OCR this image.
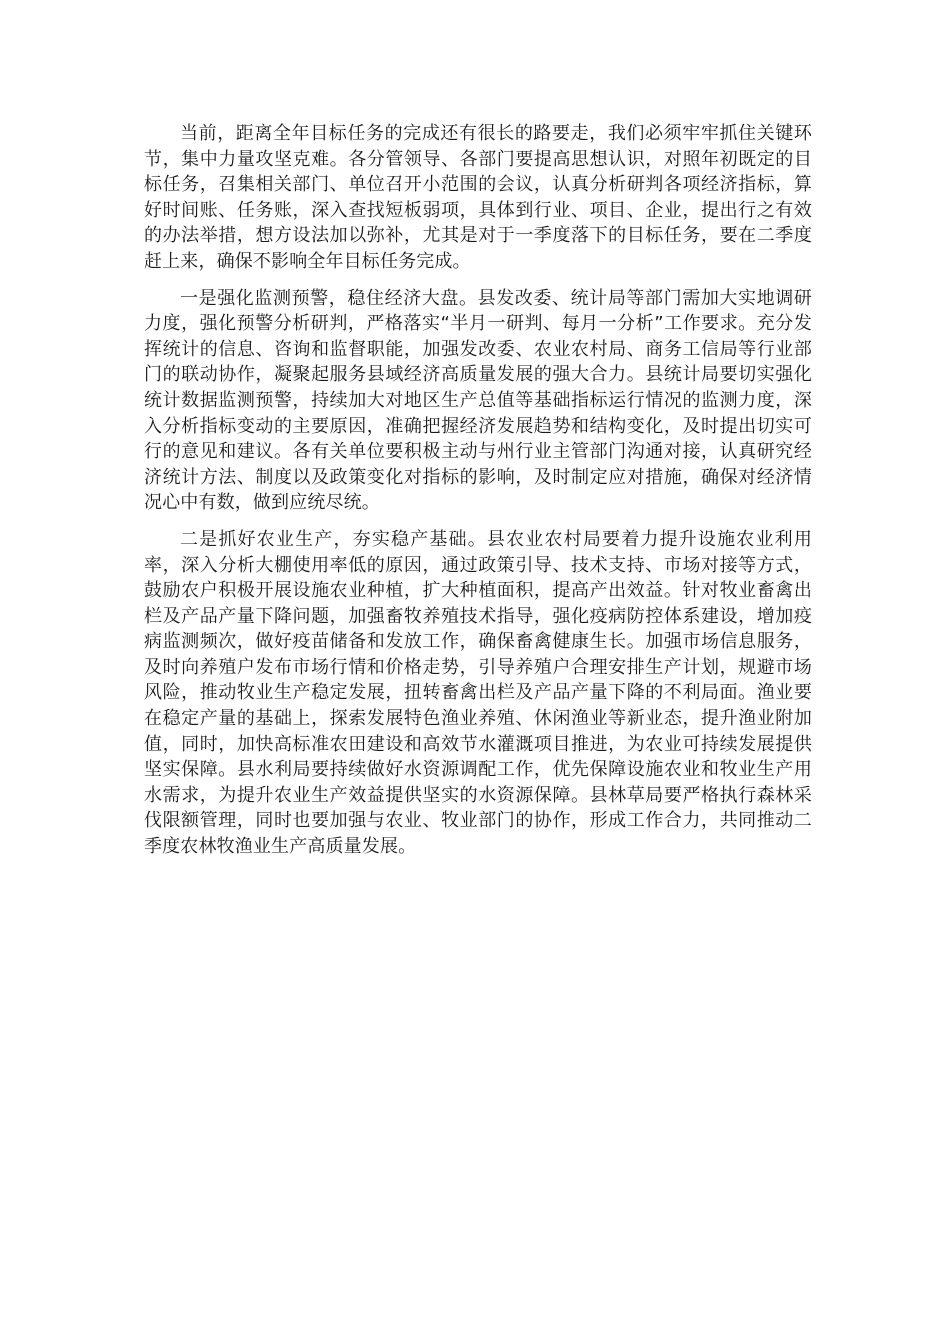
当前，距离全年目标任务的完成还有很长的路要走，我们必须牢牢抓住关键环节，集中力量攻坚克难。各分管领导、各部门要提高思想认识，对照年初既定的目标任务，召集相关部门、单位召开小范围的会议，认真分析研判各项经济指标，算好时间账、任务账，深入查找短板弱项，具体到行业、项目、企业，提出行之有效的办法举措，想方设法加以弥补，尤其是对于一季度落下的目标任务，要在二季度赶上来，确保不影响全年目标任务完成。

一是强化监测预警，稳住经济大盘。县发改委、统计局等部门需加大实地调研力度，强化预警分析研判，严格落实“半月一研判、每月一分析”工作要求。充分发挥统计的信息、咨询和监督职能，加强发改委、农业农村局、商务工信局等行业部门的联动协作，凝聚起服务县域经济高质量发展的强大合力。县统计局要切实强化统计数据监测预警，持续加大对地区生产总值等基础指标运行情况的监测力度，深入分析指标变动的主要原因，准确把握经济发展趋势和结构变化，及时提出切实可行的意见和建议。各有关单位要积极主动与州行业主管部门沟通对接，认真研究经济统计方法、制度以及政策变化对指标的影响，及时制定应对措施，确保对经济情况心中有数，做到应统尽统。

二是抓好农业生产，夯实稳产基础。县农业农村局要着力提升设施农业利用率，深入分析大棚使用率低的原因，通过政策引导、技术支持、市场对接等方式，鼓励农户积极开展设施农业种植，扩大种植面积，提高产出效益。针对牧业畜禽出栏及产品产量下降问题，加强畜牧养殖技术指导，强化疫病防控体系建设，增加疫病监测频次，做好疫苗储备和发放工作，确保畜禽健康生长。加强市场信息服务，及时向养殖户发布市场行情和价格走势，引导养殖户合理安排生产计划，规避市场风险，推动牧业生产稳定发展，扭转畜禽出栏及产品产量下降的不利局面。渔业要在稳定产量的基础上，探索发展特色渔业养殖、休闲渔业等新业态，提升渔业附加值，同时，加快高标准农田建设和高效节水灌溉项目推进，为农业可持续发展提供坚实保障。县水利局要持续做好水资源调配工作，优先保障设施农业和牧业生产用水需求，为提升农业生产效益提供坚实的水资源保障。县林草局要严格执行森林采伐限额管理，同时也要加强与农业、牧业部门的协作，形成工作合力，共同推动二季度农林牧渔业生产高质量发展。
